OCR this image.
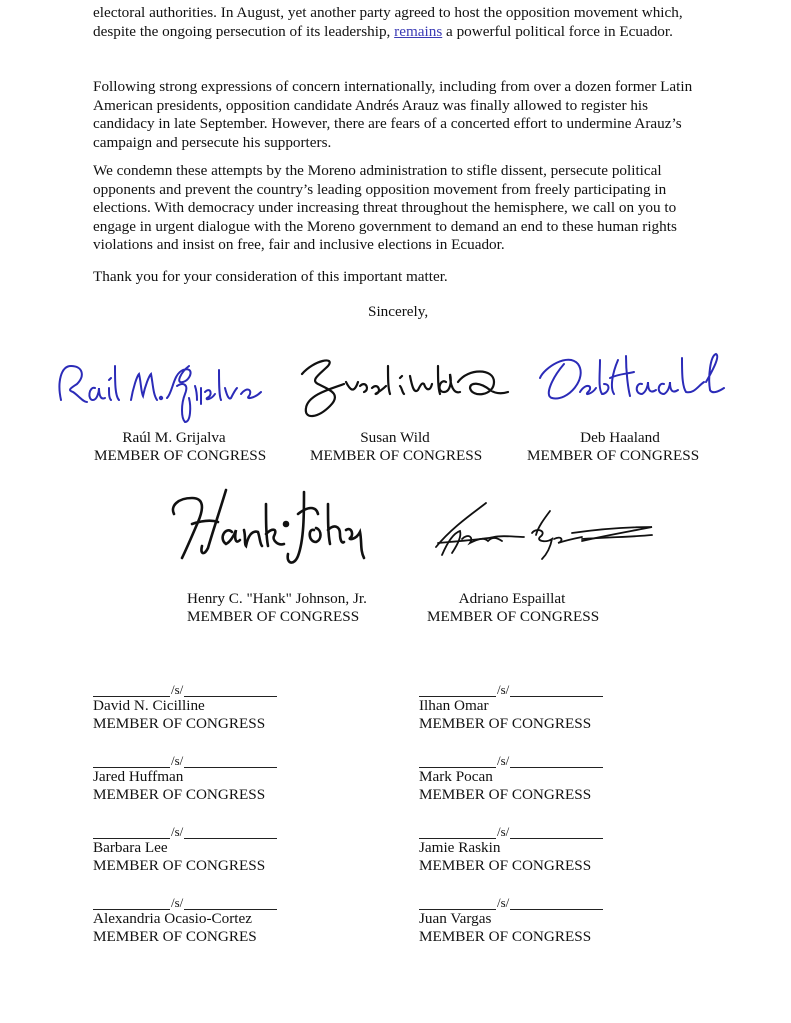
electoral authorities. In August, yet another party agreed to host the opposition movement which, despite the ongoing persecution of its leadership, remains a powerful political force in Ecuador.

Following strong expressions of concern internationally, including from over a dozen former Latin American presidents, opposition candidate Andrés Arauz was finally allowed to register his candidacy in late September. However, there are fears of a concerted effort to undermine Arauz’s campaign and persecute his supporters.

We condemn these attempts by the Moreno administration to stifle dissent, persecute political opponents and prevent the country’s leading opposition movement from freely participating in elections. With democracy under increasing threat throughout the hemisphere, we call on you to engage in urgent dialogue with the Moreno government to demand an end to these human rights violations and insist on free, fair and inclusive elections in Ecuador.

Thank you for your consideration of this important matter.

Sincerely,
Raúl M. Grijalva
MEMBER OF CONGRESS
Susan Wild
MEMBER OF CONGRESS
Deb Haaland
MEMBER OF CONGRESS
Henry C. "Hank" Johnson, Jr.
MEMBER OF CONGRESS
Adriano Espaillat
MEMBER OF CONGRESS
/s/
David N. Cicilline
MEMBER OF CONGRESS
/s/
Ilhan Omar
MEMBER OF CONGRESS
/s/
Jared Huffman
MEMBER OF CONGRESS
/s/
Mark Pocan
MEMBER OF CONGRESS
/s/
Barbara Lee
MEMBER OF CONGRESS
/s/
Jamie Raskin
MEMBER OF CONGRESS
/s/
Alexandria Ocasio-Cortez
MEMBER OF CONGRES
/s/
Juan Vargas
MEMBER OF CONGRESS
